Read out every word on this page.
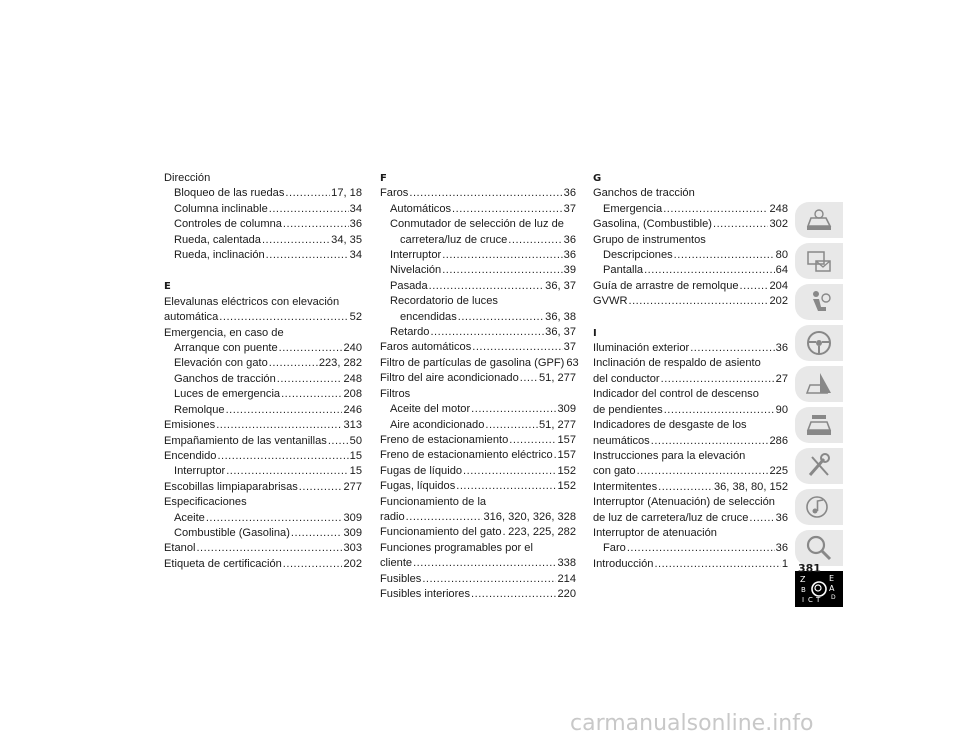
Dirección
Bloqueo de las ruedas .....	17, 18
Columna inclinable .....	34
Controles de columna .....	36
Rueda, calentada .....	34, 35
Rueda, inclinación .....	34
E
Elevalunas eléctricos con elevación
automática .....	52
Emergencia, en caso de
Arranque con puente .....	240
Elevación con gato .....	223, 282
Ganchos de tracción .....	248
Luces de emergencia .....	208
Remolque .....	246
Emisiones .....	313
Empañamiento de las ventanillas ..... 50
Encendido .....	15
Interruptor .....	15
Escobillas limpiaparabrisas .....	277
Especificaciones
Aceite .....	309
Combustible (Gasolina) .....	309
Etanol .....	303
Etiqueta de certificación .....	202
F
Faros .....	36
Automáticos .....	37
Conmutador de selección de luz de
carretera/luz de cruce .....	36
Interruptor .....	36
Nivelación .....	39
Pasada .....	36, 37
Recordatorio de luces
encendidas .....	36, 38
Retardo .....	36, 37
Faros automáticos .....	37
Filtro de partículas de gasolina (GPF) 63
Filtro del aire acondicionado ..... 51, 277
Filtros
Aceite del motor .....	309
Aire acondicionado .....	51, 277
Freno de estacionamiento .....	157
Freno de estacionamiento eléctrico ..... 157
Fugas de líquido .....	152
Fugas, líquidos .....	152
Funcionamiento de la
radio .....	316, 320, 326, 328
Funcionamiento del gato ..... 223, 225, 282
Funciones programables por el
cliente .....	338
Fusibles .....	214
Fusibles interiores .....	220
G
Ganchos de tracción
Emergencia .....	248
Gasolina, (Combustible) .....	302
Grupo de instrumentos
Descripciones .....	80
Pantalla .....	64
Guía de arrastre de remolque .....	204
GVWR .....	202
I
Iluminación exterior .....	36
Inclinación de respaldo de asiento
del conductor .....	27
Indicador del control de descenso
de pendientes .....	90
Indicadores de desgaste de los
neumáticos .....	286
Instrucciones para la elevación
con gato .....	225
Intermitentes .....	36, 38, 80, 152
Interruptor (Atenuación) de selección
de luz de carretera/luz de cruce ..... 36
Interruptor de atenuación
Faro .....	36
Introducción .....	1
Z	E
B	A
I C T D
381
carmanualsonline.info
